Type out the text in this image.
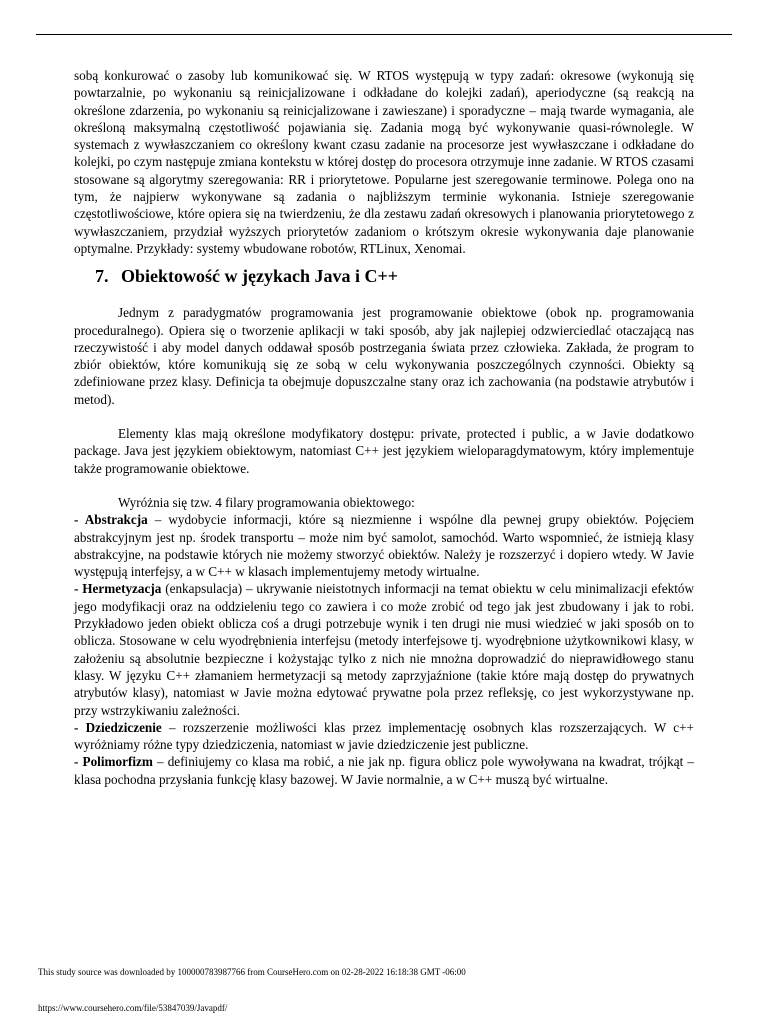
sobą konkurować o zasoby lub komunikować się. W RTOS występują w typy zadań: okresowe (wykonują się powtarzalnie, po wykonaniu są reinicjalizowane i odkładane do kolejki zadań), aperiodyczne (są reakcją na określone zdarzenia, po wykonaniu są reinicjalizowane i zawieszane) i sporadyczne – mają twarde wymagania, ale określoną maksymalną częstotliwość pojawiania się. Zadania mogą być wykonywanie quasi-równolegle. W systemach z wywłaszczaniem co określony kwant czasu zadanie na procesorze jest wywłaszczane i odkładane do kolejki, po czym następuje zmiana kontekstu w której dostęp do procesora otrzymuje inne zadanie. W RTOS czasami stosowane są algorytmy szeregowania: RR i priorytetowe. Popularne jest szeregowanie terminowe. Polega ono na tym, że najpierw wykonywane są zadania o najbliższym terminie wykonania. Istnieje szeregowanie częstotliwościowe, które opiera się na twierdzeniu, że dla zestawu zadań okresowych i planowania priorytetowego z wywłaszczaniem, przydział wyższych priorytetów zadaniom o krótszym okresie wykonywania daje planowanie optymalne. Przykłady: systemy wbudowane robotów, RTLinux, Xenomai.

7. Obiektowość w językach Java i C++

Jednym z paradygmatów programowania jest programowanie obiektowe (obok np. programowania proceduralnego). Opiera się o tworzenie aplikacji w taki sposób, aby jak najlepiej odzwierciedlać otaczającą nas rzeczywistość i aby model danych oddawał sposób postrzegania świata przez człowieka. Zakłada, że program to zbiór obiektów, które komunikują się ze sobą w celu wykonywania poszczególnych czynności. Obiekty są zdefiniowane przez klasy. Definicja ta obejmuje dopuszczalne stany oraz ich zachowania (na podstawie atrybutów i metod).

Elementy klas mają określone modyfikatory dostępu: private, protected i public, a w Javie dodatkowo package. Java jest językiem obiektowym, natomiast C++ jest językiem wieloparagdymatowym, który implementuje także programowanie obiektowe.

Wyróżnia się tzw. 4 filary programowania obiektowego:

- Abstrakcja – wydobycie informacji, które są niezmienne i wspólne dla pewnej grupy obiektów. Pojęciem abstrakcyjnym jest np. środek transportu – może nim być samolot, samochód. Warto wspomnieć, że istnieją klasy abstrakcyjne, na podstawie których nie możemy stworzyć obiektów. Należy je rozszerzyć i dopiero wtedy. W Javie występują interfejsy, a w C++ w klasach implementujemy metody wirtualne.

- Hermetyzacja (enkapsulacja) – ukrywanie nieistotnych informacji na temat obiektu w celu minimalizacji efektów jego modyfikacji oraz na oddzieleniu tego co zawiera i co może zrobić od tego jak jest zbudowany i jak to robi. Przykładowo jeden obiekt oblicza coś a drugi potrzebuje wynik i ten drugi nie musi wiedzieć w jaki sposób on to oblicza. Stosowane w celu wyodrębnienia interfejsu (metody interfejsowe tj. wyodrębnione użytkownikowi klasy, w założeniu są absolutnie bezpieczne i kożystając tylko z nich nie mnożna doprowadzić do nieprawidłowego stanu klasy. W języku C++ złamaniem hermetyzacji są metody zaprzyjaźnione (takie które mają dostęp do prywatnych atrybutów klasy), natomiast w Javie można edytować prywatne pola przez refleksję, co jest wykorzystywane np. przy wstrzykiwaniu zależności.

- Dziedziczenie – rozszerzenie możliwości klas przez implementację osobnych klas rozszerzających. W c++ wyróżniamy różne typy dziedziczenia, natomiast w javie dziedziczenie jest publiczne.

- Polimorfizm – definiujemy co klasa ma robić, a nie jak np. figura oblicz pole wywoływana na kwadrat, trójkąt – klasa pochodna przysłania funkcję klasy bazowej. W Javie normalnie, a w C++ muszą być wirtualne.

This study source was downloaded by 100000783987766 from CourseHero.com on 02-28-2022 16:18:38 GMT -06:00
https://www.coursehero.com/file/53847039/Javapdf/
